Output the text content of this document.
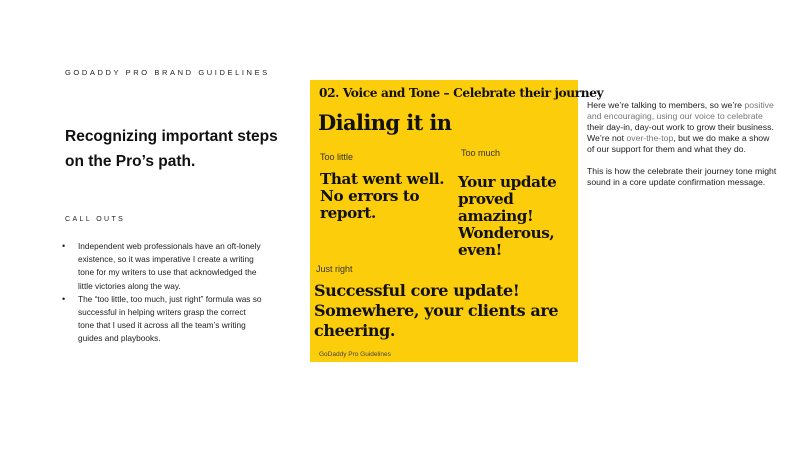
GODADDY PRO BRAND GUIDELINES
Recognizing important steps on the Pro’s path.
CALL OUTS
• Independent web professionals have an oft-lonely existence, so it was imperative I create a writing tone for my writers to use that acknowledged the little victories along the way.
• The “too little, too much, just right” formula was so successful in helping writers grasp the correct tone that I used it across all the team’s writing guides and playbooks.
02. Voice and Tone – Celebrate their journey
Dialing it in
Too little
That went well. No errors to report.
Too much
Your update proved amazing! Wonderous, even!
Just right
Successful core update! Somewhere, your clients are cheering.
GoDaddy Pro Guidelines

Here we’re talking to members, so we’re positive and encouraging, using our voice to celebrate their day-in, day-out work to grow their business. We’re not over-the-top, but we do make a show of our support for them and what they do.

This is how the celebrate their journey tone might sound in a core update confirmation message.
